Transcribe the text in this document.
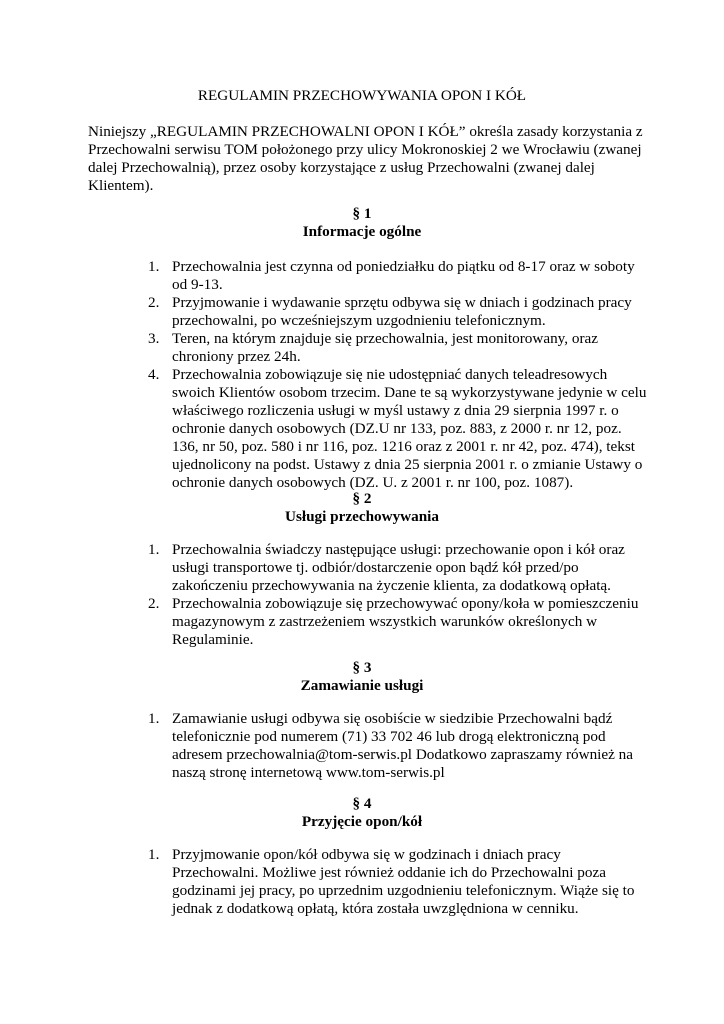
REGULAMIN PRZECHOWYWANIA OPON I KÓŁ

Niniejszy „REGULAMIN PRZECHOWALNI OPON I KÓŁ” określa zasady korzystania z Przechowalni serwisu TOM położonego przy ulicy Mokronoskiej 2 we Wrocławiu (zwanej dalej Przechowalnią), przez osoby korzystające z usług Przechowalni (zwanej dalej Klientem).

§ 1
Informacje ogólne
1. Przechowalnia jest czynna od poniedziałku do piątku od 8-17 oraz w soboty od 9-13.
2. Przyjmowanie i wydawanie sprzętu odbywa się w dniach i godzinach pracy przechowalni, po wcześniejszym uzgodnieniu telefonicznym.
3. Teren, na którym znajduje się przechowalnia, jest monitorowany, oraz chroniony przez 24h.
4. Przechowalnia zobowiązuje się nie udostępniać danych teleadresowych swoich Klientów osobom trzecim. Dane te są wykorzystywane jedynie w celu właściwego rozliczenia usługi w myśl ustawy z dnia 29 sierpnia 1997 r. o ochronie danych osobowych (DZ.U nr 133, poz. 883, z 2000 r. nr 12, poz. 136, nr 50, poz. 580 i nr 116, poz. 1216 oraz z 2001 r. nr 42, poz. 474), tekst ujednolicony na podst. Ustawy z dnia 25 sierpnia 2001 r. o zmianie Ustawy o ochronie danych osobowych (DZ. U. z 2001 r. nr 100, poz. 1087).
§ 2
Usługi przechowywania
1. Przechowalnia świadczy następujące usługi: przechowanie opon i kół oraz usługi transportowe tj. odbiór/dostarczenie opon bądź kół przed/po zakończeniu przechowywania na życzenie klienta, za dodatkową opłatą.
2. Przechowalnia zobowiązuje się przechowywać opony/koła w pomieszczeniu magazynowym z zastrzeżeniem wszystkich warunków określonych w Regulaminie.
§ 3
Zamawianie usługi
1. Zamawianie usługi odbywa się osobiście w siedzibie Przechowalni bądź telefonicznie pod numerem (71) 33 702 46 lub drogą elektroniczną pod adresem przechowalnia@tom-serwis.pl Dodatkowo zapraszamy również na naszą stronę internetową www.tom-serwis.pl
§ 4
Przyjęcie opon/kół
1. Przyjmowanie opon/kół odbywa się w godzinach i dniach pracy Przechowalni. Możliwe jest również oddanie ich do Przechowalni poza godzinami jej pracy, po uprzednim uzgodnieniu telefonicznym. Wiąże się to jednak z dodatkową opłatą, która została uwzględniona w cenniku.
